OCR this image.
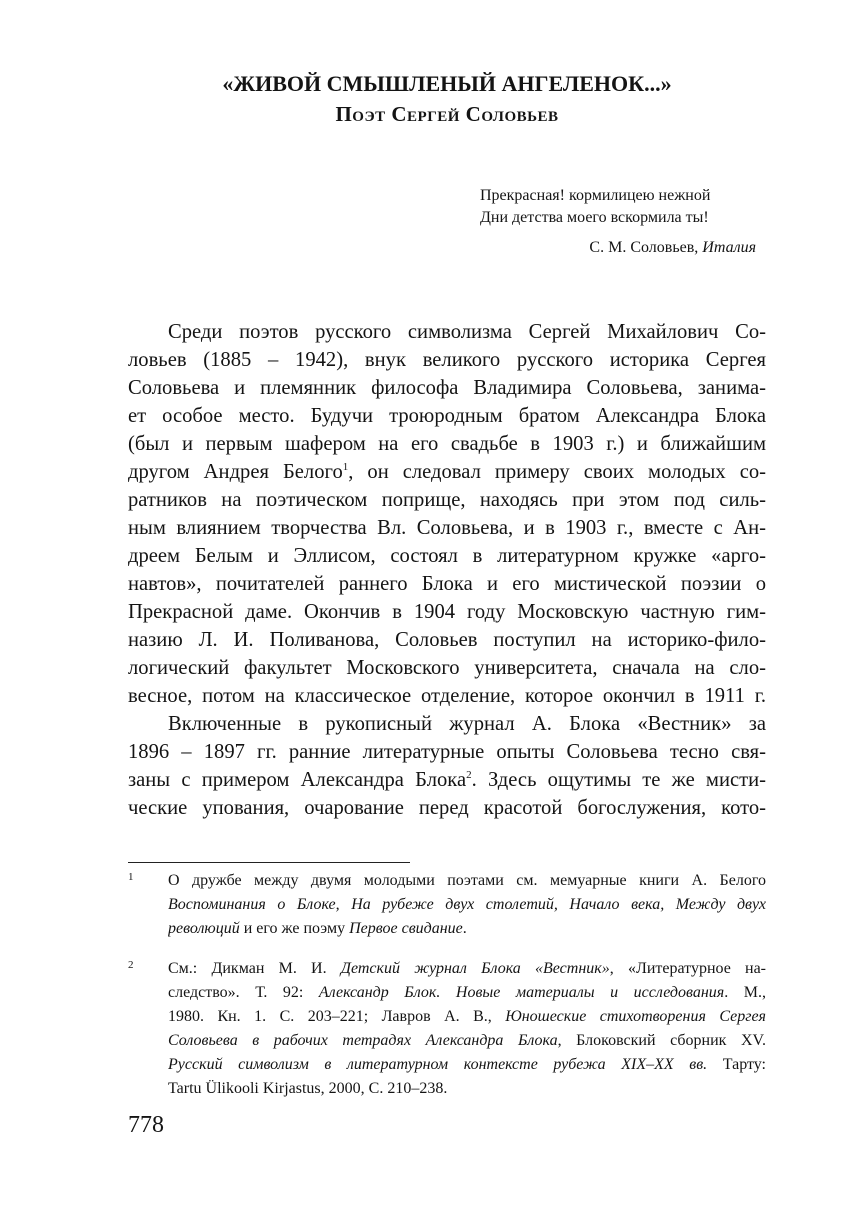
«ЖИВОЙ СМЫШЛЕНЫЙ АНГЕЛЕНОК...»
Поэт Сергей Соловьев
Прекрасная! кормилицею нежной
Дни детства моего вскормила ты!
С. М. Соловьев, Италия
Среди поэтов русского символизма Сергей Михайлович Со-
ловьев (1885 – 1942), внук великого русского историка Сергея
Соловьева и племянник философа Владимира Соловьева, занима-
ет особое место. Будучи троюродным братом Александра Блока
(был и первым шафером на его свадьбе в 1903 г.) и ближайшим
другом Андрея Белого$^1$, он следовал примеру своих молодых со-
ратников на поэтическом поприще, находясь при этом под силь-
ным влиянием творчества Вл. Соловьева, и в 1903 г., вместе с Ан-
дреем Белым и Эллисом, состоял в литературном кружке «арго-
навтов», почитателей раннего Блока и его мистической поэзии о
Прекрасной даме. Окончив в 1904 году Московскую частную гим-
назию Л. И. Поливанова, Соловьев поступил на историко-фило-
логический факультет Московского университета, сначала на сло-
весное, потом на классическое отделение, которое окончил в 1911 г.
Включенные в рукописный журнал А. Блока «Вестник» за
1896 – 1897 гг. ранние литературные опыты Соловьева тесно свя-
заны с примером Александра Блока$^2$. Здесь ощутимы те же мисти-
ческие упования, очарование перед красотой богослужения, кото-
1 О дружбе между двумя молодыми поэтами см. мемуарные книги А. Белого
Воспоминания о Блоке, На рубеже двух столетий, Начало века, Между двух
революций и его же поэму Первое свидание.
2 См.: Дикман М. И. Детский журнал Блока «Вестник», «Литературное на-
следство». Т. 92: Александр Блок. Новые материалы и исследования. М.,
1980. Кн. 1. С. 203–221; Лавров А. В., Юношеские стихотворения Сергея
Соловьева в рабочих тетрадях Александра Блока, Блоковский сборник XV.
Русский символизм в литературном контексте рубежа XIX–XX вв. Тарту:
Tartu Ülikooli Kirjastus, 2000, С. 210–238.
778
